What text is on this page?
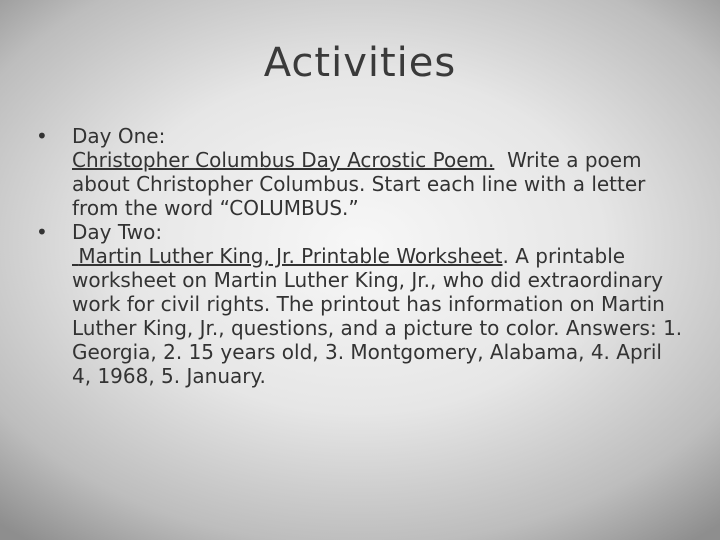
Activities
• Day One:
Christopher Columbus Day Acrostic Poem. Write a poem about Christopher Columbus. Start each line with a letter from the word “COLUMBUS.”
• Day Two:
Martin Luther King, Jr. Printable Worksheet. A printable worksheet on Martin Luther King, Jr., who did extraordinary work for civil rights. The printout has information on Martin Luther King, Jr., questions, and a picture to color. Answers: 1. Georgia, 2. 15 years old, 3. Montgomery, Alabama, 4. April 4, 1968, 5. January.
